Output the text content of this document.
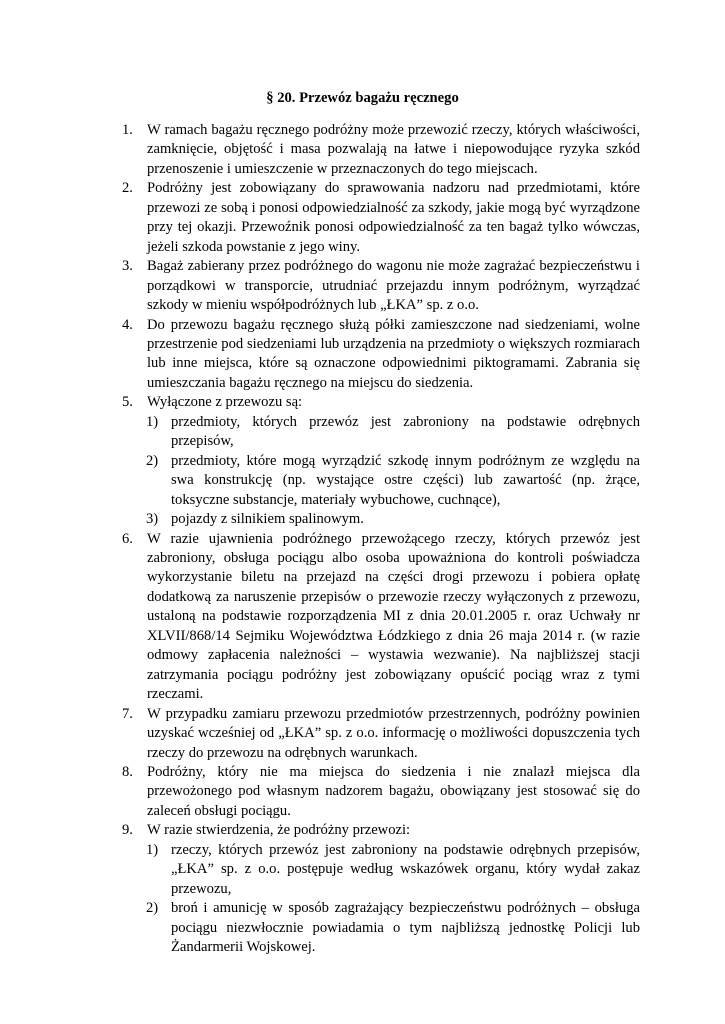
§ 20. Przewóz bagażu ręcznego
1. W ramach bagażu ręcznego podróżny może przewozić rzeczy, których właściwości, zamknięcie, objętość i masa pozwalają na łatwe i niepowodujące ryzyka szkód przenoszenie i umieszczenie w przeznaczonych do tego miejscach.
2. Podróżny jest zobowiązany do sprawowania nadzoru nad przedmiotami, które przewozi ze sobą i ponosi odpowiedzialność za szkody, jakie mogą być wyrządzone przy tej okazji. Przewoźnik ponosi odpowiedzialność za ten bagaż tylko wówczas, jeżeli szkoda powstanie z jego winy.
3. Bagaż zabierany przez podróżnego do wagonu nie może zagrażać bezpieczeństwu i porządkowi w transporcie, utrudniać przejazdu innym podróżnym, wyrządzać szkody w mieniu współpodróżnych lub „ŁKA” sp. z o.o.
4. Do przewozu bagażu ręcznego służą półki zamieszczone nad siedzeniami, wolne przestrzenie pod siedzeniami lub urządzenia na przedmioty o większych rozmiarach lub inne miejsca, które są oznaczone odpowiednimi piktogramami. Zabrania się umieszczania bagażu ręcznego na miejscu do siedzenia.
5. Wyłączone z przewozu są:
1) przedmioty, których przewóz jest zabroniony na podstawie odrębnych przepisów,
2) przedmioty, które mogą wyrządzić szkodę innym podróżnym ze względu na swa konstrukcję (np. wystające ostre części) lub zawartość (np. żrące, toksyczne substancje, materiały wybuchowe, cuchnące),
3) pojazdy z silnikiem spalinowym.
6. W razie ujawnienia podróżnego przewożącego rzeczy, których przewóz jest zabroniony, obsługa pociągu albo osoba upoważniona do kontroli poświadcza wykorzystanie biletu na przejazd na części drogi przewozu i pobiera opłatę dodatkową za naruszenie przepisów o przewozie rzeczy wyłączonych z przewozu, ustaloną na podstawie rozporządzenia MI z dnia 20.01.2005 r. oraz Uchwały nr XLVII/868/14 Sejmiku Województwa Łódzkiego z dnia 26 maja 2014 r. (w razie odmowy zapłacenia należności – wystawia wezwanie). Na najbliższej stacji zatrzymania pociągu podróżny jest zobowiązany opuścić pociąg wraz z tymi rzeczami.
7. W przypadku zamiaru przewozu przedmiotów przestrzennych, podróżny powinien uzyskać wcześniej od „ŁKA” sp. z o.o. informację o możliwości dopuszczenia tych rzeczy do przewozu na odrębnych warunkach.
8. Podróżny, który nie ma miejsca do siedzenia i nie znalazł miejsca dla przewożonego pod własnym nadzorem bagażu, obowiązany jest stosować się do zaleceń obsługi pociągu.
9. W razie stwierdzenia, że podróżny przewozi:
1) rzeczy, których przewóz jest zabroniony na podstawie odrębnych przepisów, „ŁKA” sp. z o.o. postępuje według wskazówek organu, który wydał zakaz przewozu,
2) broń i amunicję w sposób zagrażający bezpieczeństwu podróżnych – obsługa pociągu niezwłocznie powiadamia o tym najbliższą jednostkę Policji lub Żandarmerii Wojskowej.
